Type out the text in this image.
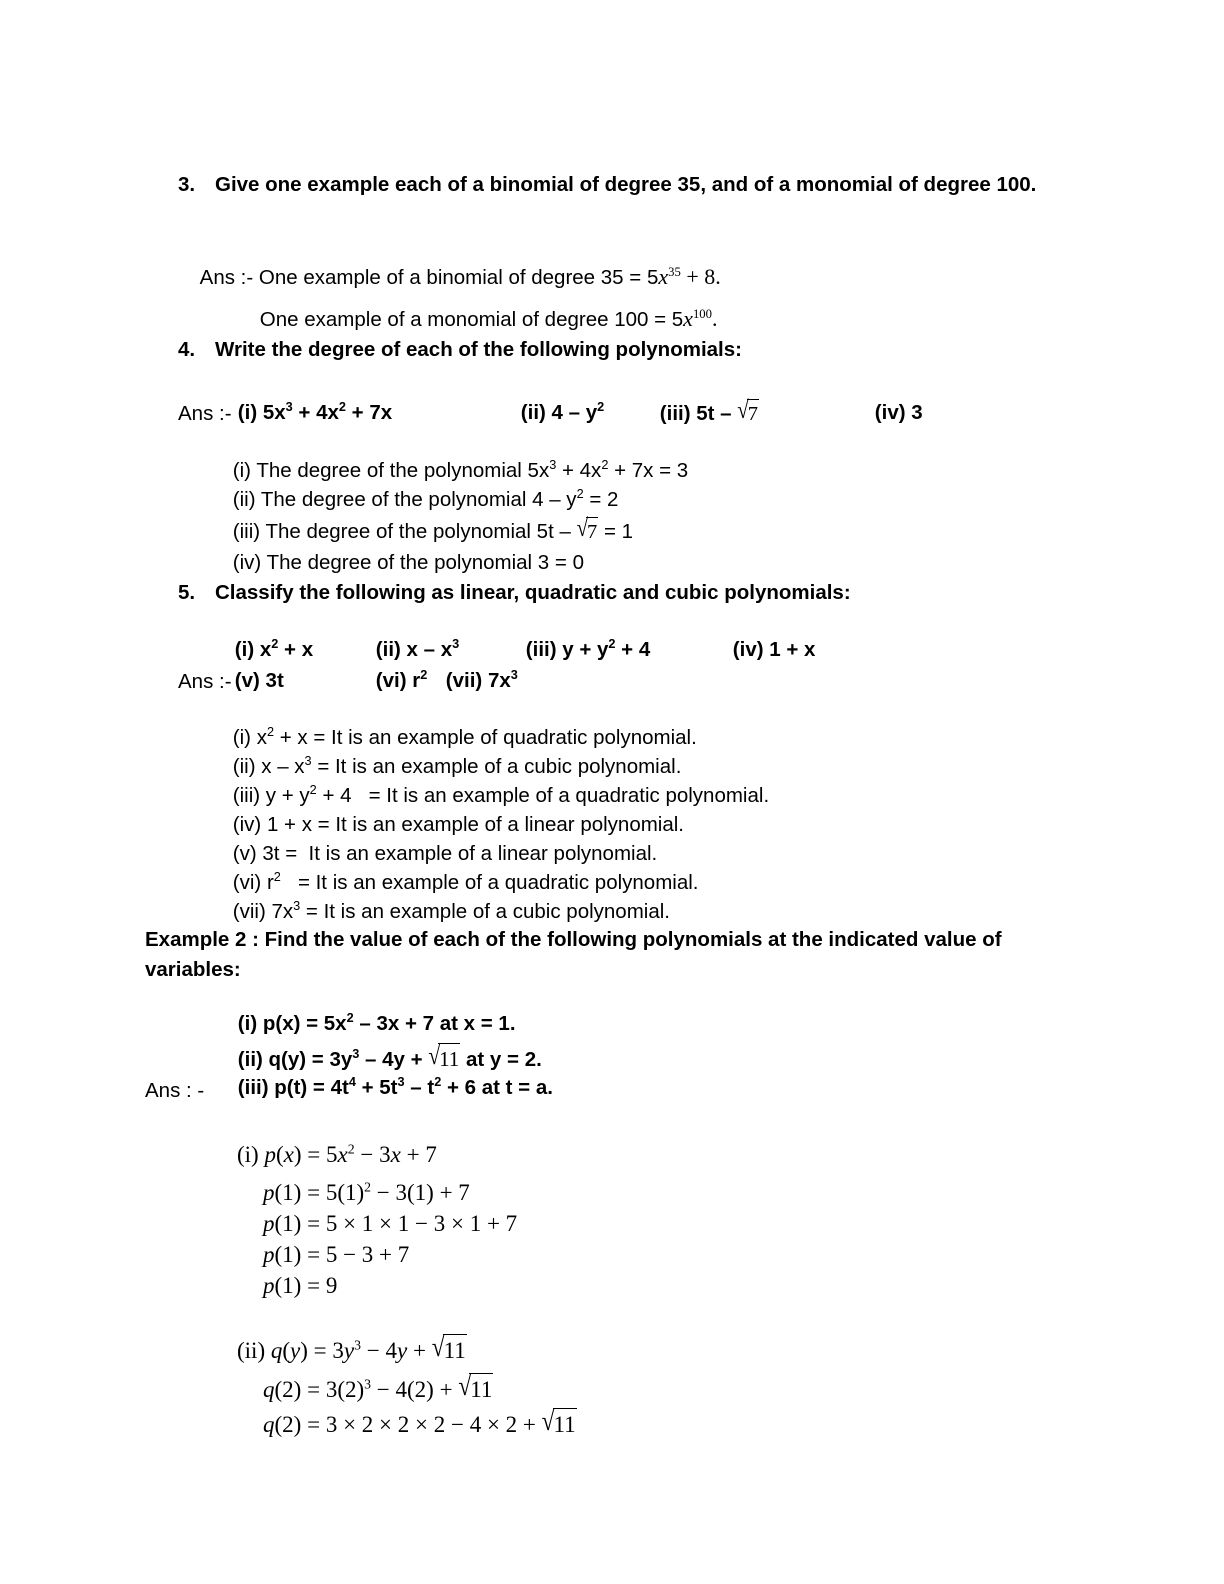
3. Give one example each of a binomial of degree 35, and of a monomial of degree 100.

Ans :- One example of a binomial of degree $35 = 5x^{35} + 8$.

One example of a monomial of degree $100 = 5x^{100}$.

4. Write the degree of each of the following polynomials:

(i) $5x^3 + 4x^2 + 7x$
	(ii) $4 - y^2$
	(iii) 5t – √7
	(iv) 3

Ans :-

(i) The degree of the polynomial $5x^3 + 4x^2 + 7x = 3$

(ii) The degree of the polynomial $4 - y^2 = 2$

(iii) The degree of the polynomial 5t – √7 = 1

(iv) The degree of the polynomial 3 = 0

5. Classify the following as linear, quadratic and cubic polynomials:

(i) $x^2 + x$
	(ii) x – $x^3$
	(iii) $y + y^2 + 4$
	(iv) 1 + x

(v) 3t
	(vi) $r^2$
(vii) $7x^3$

Ans :-

(i) $x^2 + x = It$ is an example of quadratic polynomial.

(ii) $x - x^3 = It$ is an example of a cubic polynomial.

(iii) $y + y^2 + 4 = It$ is an example of a quadratic polynomial.

(iv) 1 + x = It is an example of a linear polynomial.

(v) 3t =  It is an example of a linear polynomial.

(vi) $r^2 = It$ is an example of a quadratic polynomial.

(vii) $7x^3 = It$ is an example of a cubic polynomial.

Example 2 : Find the value of each of the following polynomials at the indicated value of variables:

(i) $p(x) = 5x^2 - 3x + 7$ at x = 1.

(ii) $q(y) = 3y^3 - 4y + √11$ at y = 2.

(iii) $p(t) = 4t^4 + 5t^3 - t^2 + 6$ at t = a.

Ans : -

(i) $p(x) = 5x^2 - 3x + 7$

$p(1) = 5(1)^2 - 3(1) + 7$

p(1) = 5 × 1 × 1 − 3 × 1 + 7

p(1) = 5 − 3 + 7

p(1) = 9

(ii) $q(y) = 3y^3 - 4y + √11$

$q(2) = 3(2)^3 - 4(2) + √11$

q(2) = 3 × 2 × 2 × 2 − 4 × 2 + √11
